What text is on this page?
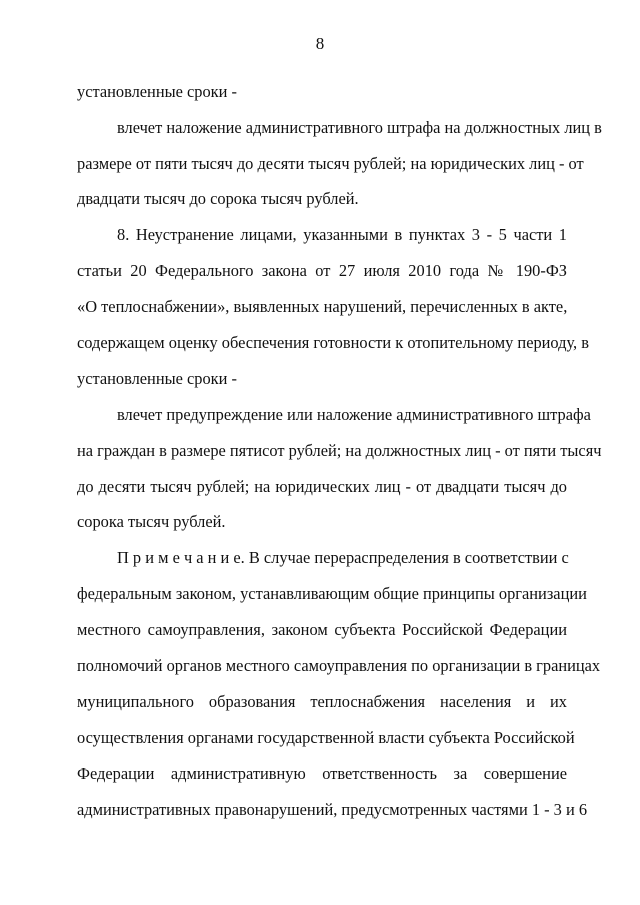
8
установленные сроки -
влечет наложение административного штрафа на должностных лиц в
размере от пяти тысяч до десяти тысяч рублей; на юридических лиц - от
двадцати тысяч до сорока тысяч рублей.
8. Неустранение лицами, указанными в пунктах 3 - 5 части 1
статьи 20 Федерального закона от 27 июля 2010 года № 190-ФЗ
«О теплоснабжении», выявленных нарушений, перечисленных в акте,
содержащем оценку обеспечения готовности к отопительному периоду, в
установленные сроки -
влечет предупреждение или наложение административного штрафа
на граждан в размере пятисот рублей; на должностных лиц - от пяти тысяч
до десяти тысяч рублей; на юридических лиц - от двадцати тысяч до
сорока тысяч рублей.
П р и м е ч а н и е. В случае перераспределения в соответствии с
федеральным законом, устанавливающим общие принципы организации
местного самоуправления, законом субъекта Российской Федерации
полномочий органов местного самоуправления по организации в границах
муниципального образования теплоснабжения населения и их
осуществления органами государственной власти субъекта Российской
Федерации административную ответственность за совершение
административных правонарушений, предусмотренных частями 1 - 3 и 6
